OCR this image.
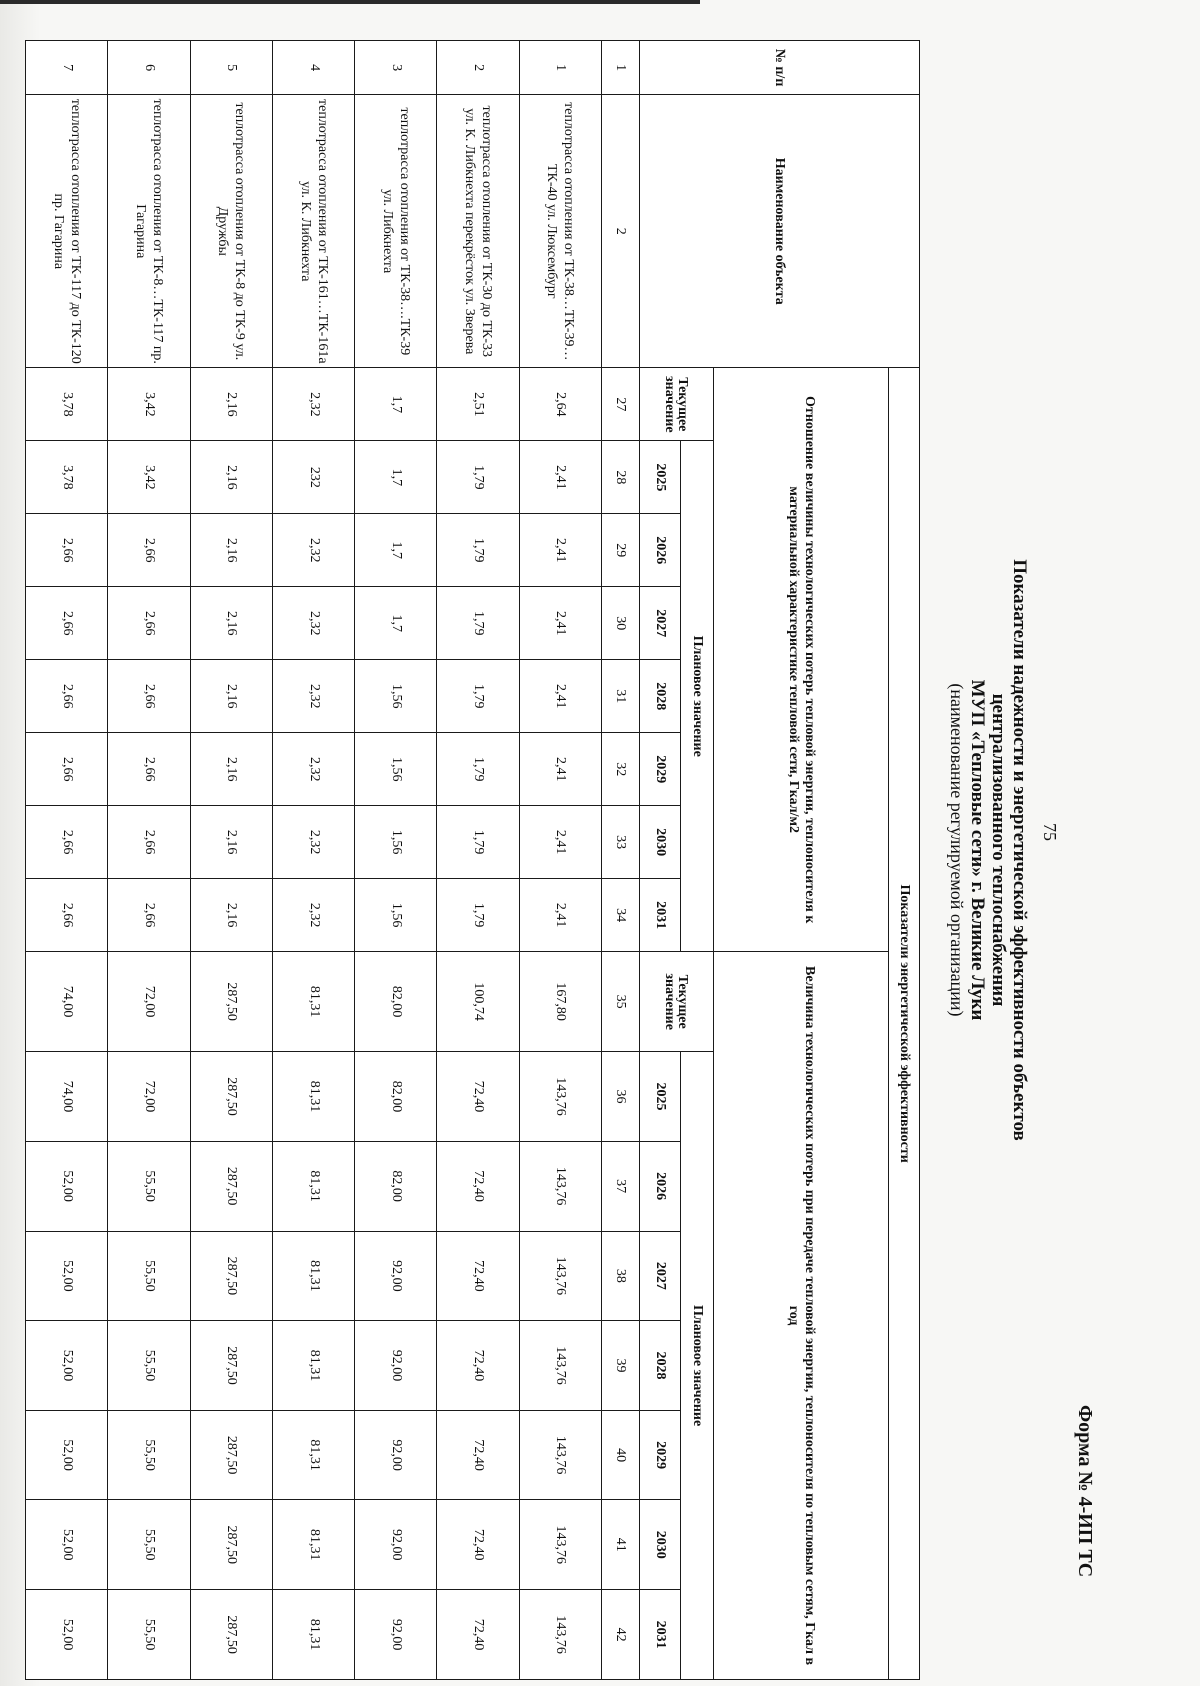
Форма № 4-ИП ТС
75
Показатели надежности и энергетической эффективности объектов
централизованного теплоснабжения
МУП «Тепловые сети» г. Великие Луки
(наименование регулируемой организации)
№ п/п	Наименование объекта	Показатели энергетической эффективности															
		Отношение величины технологических потерь тепловой энергии, теплоносителя к материальной характеристике тепловой сети, Гкал/м2								Величина технологических потерь при передаче тепловой энергии, теплоносителя по тепловым сетям, Гкал в год							
		Текущее значение	Плановое значение							Текущее значение	Плановое значение						
			2025	2026	2027	2028	2029	2030	2031		2025	2026	2027	2028	2029	2030	2031
1	2	27	28	29	30	31	32	33	34	35	36	37	38	39	40	41	42
1	теплотрасса отопления от ТК-38…ТК-39…ТК-40 ул. Люксембург	2,64	2,41	2,41	2,41	2,41	2,41	2,41	2,41	167,80	143,76	143,76	143,76	143,76	143,76	143,76	143,76
2	теплотрасса отопления от ТК-30 до ТК-33 ул. К. Либкнехта перекрёсток ул. Зверева	2,51	1,79	1,79	1,79	1,79	1,79	1,79	1,79	100,74	72,40	72,40	72,40	72,40	72,40	72,40	72,40
3	теплотрасса отопления от ТК-38….ТК-39 ул. Либкнехта	1,7	1,7	1,7	1,7	1,56	1,56	1,56	1,56	82,00	82,00	82,00	92,00	92,00	92,00	92,00	92,00
4	теплотрасса отопления от ТК-161…ТК-161а ул. К. Либкнехта	2,32	232	2,32	2,32	2,32	2,32	2,32	2,32	81,31	81,31	81,31	81,31	81,31	81,31	81,31	81,31
5	теплотрасса отопления от ТК-8 до ТК-9 ул. Дружбы	2,16	2,16	2,16	2,16	2,16	2,16	2,16	2,16	287,50	287,50	287,50	287,50	287,50	287,50	287,50	287,50
6	теплотрасса отопления от ТК-8…ТК-117 пр. Гагарина	3,42	3,42	2,66	2,66	2,66	2,66	2,66	2,66	72,00	72,00	55,50	55,50	55,50	55,50	55,50	55,50
7	теплотрасса отопления от ТК-117 до ТК-120 пр. Гагарина	3,78	3,78	2,66	2,66	2,66	2,66	2,66	2,66	74,00	74,00	52,00	52,00	52,00	52,00	52,00	52,00
